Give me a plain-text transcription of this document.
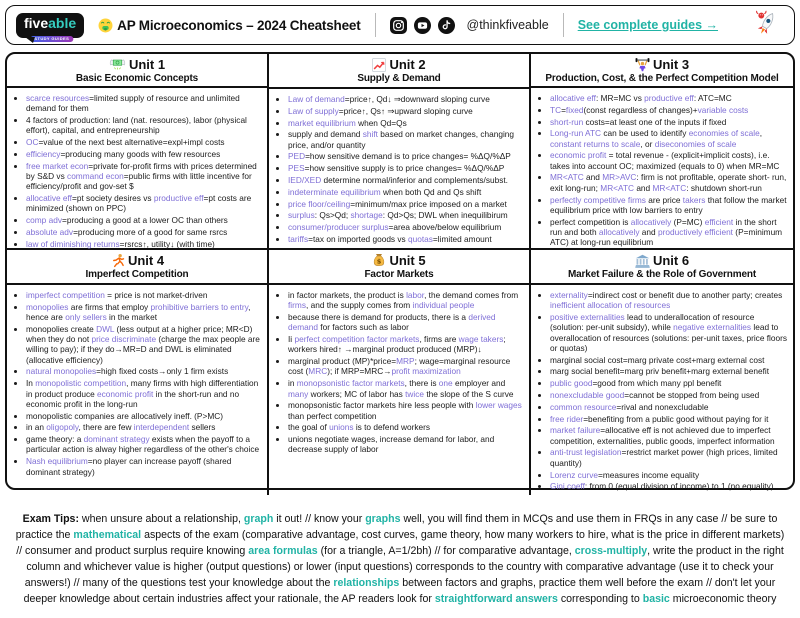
fiveable
STUDY GUIDES
AP Microeconomics – 2024 Cheatsheet	@thinkfiveable See complete guides →
Unit 1
Basic Economic Concepts
• scarce resources=limited supply of resource and unlimited demand for them
• 4 factors of production: land (nat. resources), labor (physical effort), capital, and entrepreneurship
• OC=value of the next best alternative=expl+impl costs
• efficiency=producing many goods with few resources
• free market econ=private for-profit firms with prices determined by S&D vs command econ=public firms with little incentive for efficiency/profit and gov-set $
• allocative eff=pt society desires vs productive eff=pt costs are minimized (shown on PPC)
• comp adv=producing a good at a lower OC than others
• absolute adv=producing more of a good for same rsrcs
• law of diminishing returns=rsrcs↑, utility↓ (with time)
Unit 2
Supply & Demand
• Law of demand=price↑, Qd↓ ⇒downward sloping curve
• Law of supply=price↑, Qs↑ ⇒upward sloping curve
• market equilibrium when Qd=Qs
• supply and demand shift based on market changes, changing price, and/or quantity
• PED=how sensitive demand is to price changes= %ΔQ/%ΔP
• PES=how sensitive supply is to price changes= %ΔQ/%ΔP
• IED/XED determine normal/inferior and complements/subst.
• indeterminate equilibrium when both Qd and Qs shift
• price floor/ceiling=minimum/max price imposed on a market
• surplus: Qs>Qd; shortage: Qd>Qs; DWL when inequilibirum
• consumer/producer surplus=area above/below equilibrium
• tariffs=tax on imported goods vs quotas=limited amount
Unit 3
Production, Cost, & the Perfect Competition Model
• allocative eff: MR=MC vs productive eff: ATC=MC
• TC=fixed(const regardless of changes)+variable costs
• short-run costs=at least one of the inputs if fixed
• Long-run ATC can be used to identify economies of scale, constant returns to scale, or diseconomies of scale
• economic profit = total revenue - (explicit+implicit costs), i.e. takes into account OC; maximized (equals to 0) when MR=MC
• MR<ATC and MR>AVC: firm is not profitable, operate short- run, exit long-run; MR<ATC and MR<ATC: shutdown short-run
• perfectly competitive firms are price takers that follow the market equilibrium price with low barriers to entry
• perfect competition is allocatively (P=MC) efficient in the short run and both allocatively and productively efficient (P=minimum ATC) at long-run equilibrium
Unit 4
Imperfect Competition
• imperfect competition = price is not market-driven
• monopolies are firms that employ prohibitive barriers to entry, hence are only sellers in the market
• monopolies create DWL (less output at a higher price; MR<D) when they do not price discriminate (charge the max people are willing to pay); if they do→MR=D and DWL is eliminated (allocative efficiency)
• natural monopolies=high fixed costs→only 1 firm exists
• In monopolistic competition, many firms with high differentiation in product produce economic profit in the short-run and no economic profit in the long-run
• monopolistic companies are allocatively ineff. (P>MC)
• in an oligopoly, there are few interdependent sellers
• game theory: a dominant strategy exists when the payoff to a particular action is alway higher regardless of the other's choice
• Nash equilibrium=no player can increase payoff (shared dominant strategy)
$ Unit 5
Factor Markets
• in factor markets, the product is labor, the demand comes from firms, and the supply comes from individual people
• because there is demand for products, there is a derived demand for factors such as labor
• Ii perfect competition factor markets, firms are wage takers; workers hired↑ →marginal product produced (MRP)↓
• marginal product (MP)*price=MRP; wage=marginal resource cost (MRC); if MRP=MRC→profit maximization
• in monopsonistic factor markets, there is one employer and many workers; MC of labor has twice the slope of the S curve
• monopsonistic factor markets hire less people with lower wages than perfect competition
• the goal of unions is to defend workers
• unions negotiate wages, increase demand for labor, and decrease supply of labor
Unit 6
Market Failure & the Role of Government
• externality=indirect cost or benefit due to another party; creates inefficient allocation of resources
• positive externalities lead to underallocation of resource (solution: per-unit subsidy), while negative externalities lead to overallocation of resources (solutions: per-unit taxes, price floors or quotas)
• marginal social cost=marg private cost+marg external cost
• marg social benefit=marg priv benefit+marg external benefit
• public good=good from which many ppl benefit
• nonexcludable good=cannot be stopped from being used
• common resource=rival and nonexcludable
• free rider=benefiting from a public good without paying for it
• market failure=allocative eff is not achieved due to imperfect competition, externalities, public goods, imperfect information
• anti-trust legislation=restrict market power (high prices, limited quantity)
• Lorenz curve=measures income equality
• Gini coeff: from 0 (equal division of income) to 1 (no equality)

Exam Tips: when unsure about a relationship, graph it out! // know your graphs well, you will find them in MCQs and use them in FRQs in any case // be sure to practice the mathematical aspects of the exam (comparative advantage, cost curves, game theory, how many workers to hire, what is the price in different markets) // consumer and product surplus require knowing area formulas (for a triangle, A=1/2bh) // for comparative advantage, cross-multiply, write the product in the right column and whichever value is higher (output questions) or lower (input questions) corresponds to the country with comparative advantage (use it to check your answers!) // many of the questions test your knowledge about the relationships between factors and graphs, practice them well before the exam // don't let your deeper knowledge about certain industries affect your rationale, the AP readers look for straightforward answers corresponding to basic microeconomic theory
